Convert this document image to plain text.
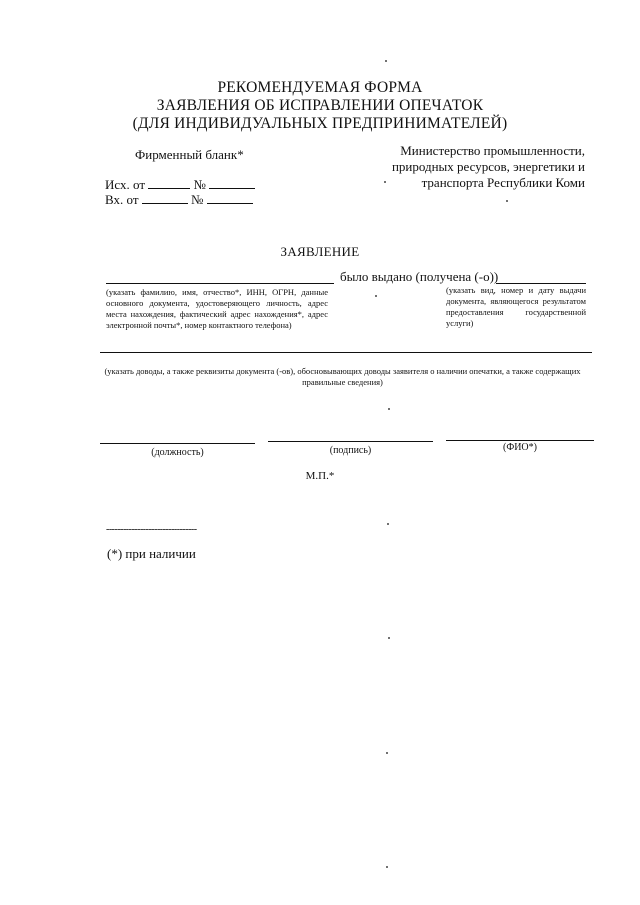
РЕКОМЕНДУЕМАЯ ФОРМА
ЗАЯВЛЕНИЯ ОБ ИСПРАВЛЕНИИ ОПЕЧАТОК
(ДЛЯ ИНДИВИДУАЛЬНЫХ ПРЕДПРИНИМАТЕЛЕЙ)
Фирменный бланк*	Министерство промышленности,
природных ресурсов, энергетики и
транспорта Республики Коми
Исх. от	№
Вх. от	№
ЗАЯВЛЕНИЕ
было выдано (получена (-о))
(указать фамилию, имя, отчество*, ИНН, ОГРН, данные основного документа, удостоверяющего личность, адрес места нахождения, фактический адрес нахождения*, адрес электронной почты*, номер контактного телефона)
(указать вид, номер и дату выдачи документа, являющегося результатом предоставления государственной услуги)
(указать доводы, а также реквизиты документа (-ов), обосновывающих доводы заявителя о наличии опечатки, а также содержащих правильные сведения)
(должность)	(подпись)	(ФИО*)
М.П.*
--------------------------------
(*) при наличии
